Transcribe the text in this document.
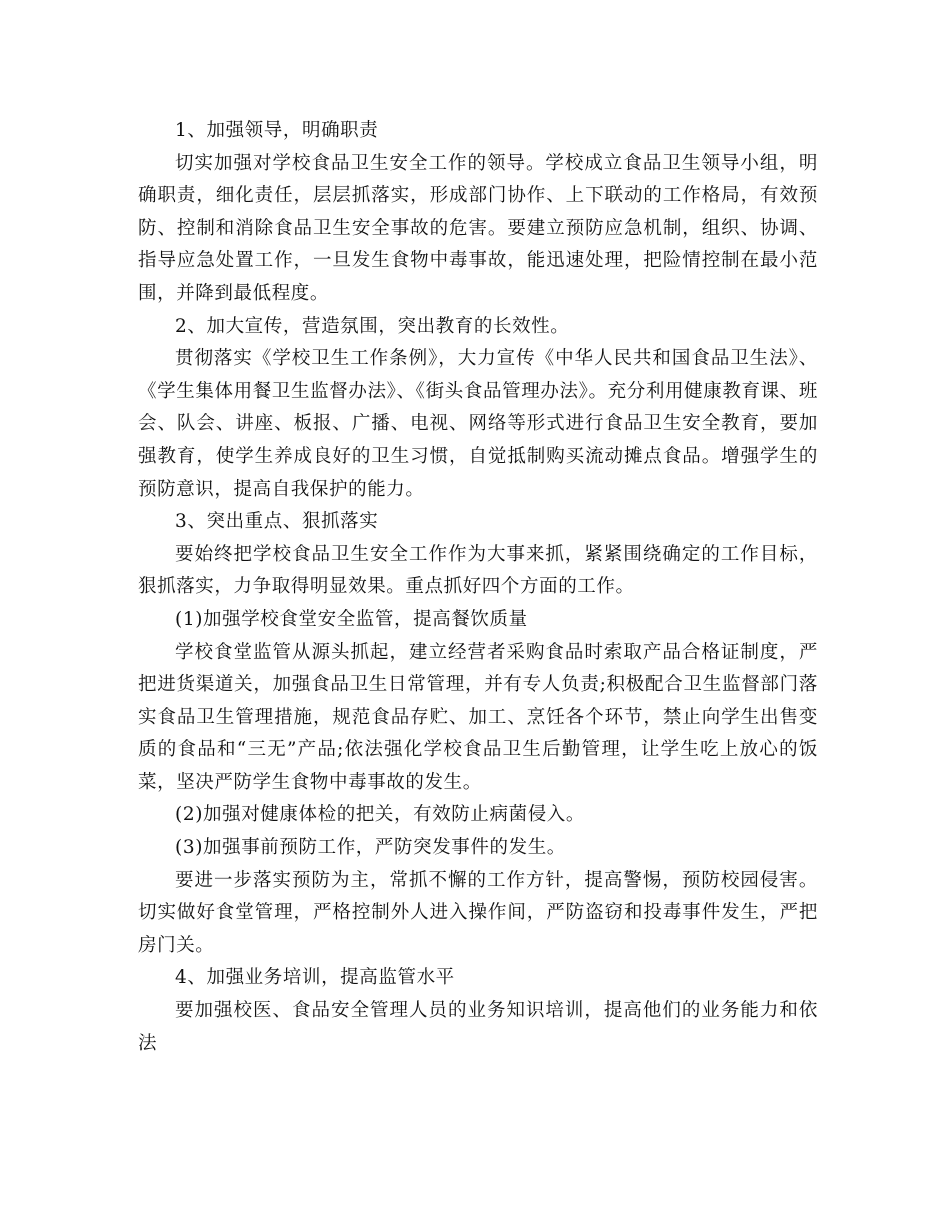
1、加强领导，明确职责

切实加强对学校食品卫生安全工作的领导。学校成立食品卫生领导小组，明确职责，细化责任，层层抓落实，形成部门协作、上下联动的工作格局，有效预防、控制和消除食品卫生安全事故的危害。要建立预防应急机制，组织、协调、指导应急处置工作，一旦发生食物中毒事故，能迅速处理，把险情控制在最小范围，并降到最低程度。

2、加大宣传，营造氛围，突出教育的长效性。

贯彻落实《学校卫生工作条例》，大力宣传《中华人民共和国食品卫生法》、《学生集体用餐卫生监督办法》、《街头食品管理办法》。充分利用健康教育课、班会、队会、讲座、板报、广播、电视、网络等形式进行食品卫生安全教育，要加强教育，使学生养成良好的卫生习惯，自觉抵制购买流动摊点食品。增强学生的预防意识，提高自我保护的能力。

3、突出重点、狠抓落实

要始终把学校食品卫生安全工作作为大事来抓，紧紧围绕确定的工作目标，狠抓落实，力争取得明显效果。重点抓好四个方面的工作。

(1)加强学校食堂安全监管，提高餐饮质量

学校食堂监管从源头抓起，建立经营者采购食品时索取产品合格证制度，严把进货渠道关，加强食品卫生日常管理，并有专人负责;积极配合卫生监督部门落实食品卫生管理措施，规范食品存贮、加工、烹饪各个环节，禁止向学生出售变质的食品和“三无”产品;依法强化学校食品卫生后勤管理，让学生吃上放心的饭菜，坚决严防学生食物中毒事故的发生。

(2)加强对健康体检的把关，有效防止病菌侵入。

(3)加强事前预防工作，严防突发事件的发生。

要进一步落实预防为主，常抓不懈的工作方针，提高警惕，预防校园侵害。切实做好食堂管理，严格控制外人进入操作间，严防盗窃和投毒事件发生，严把房门关。

4、加强业务培训，提高监管水平

要加强校医、食品安全管理人员的业务知识培训，提高他们的业务能力和依法
